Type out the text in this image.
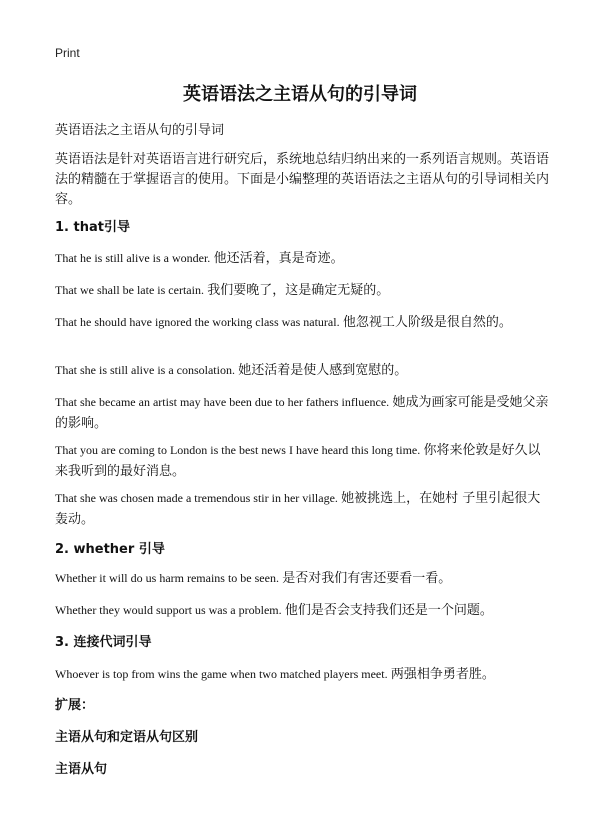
Print
英语语法之主语从句的引导词
英语语法之主语从句的引导词
英语语法是针对英语语言进行研究后，系统地总结归纳出来的一系列语言规则。英语语法的精髓在于掌握语言的使用。下面是小编整理的英语语法之主语从句的引导词相关内容。
1. that引导
That he is still alive is a wonder. 他还活着，真是奇迹。
That we shall be late is certain. 我们要晚了，这是确定无疑的。
That he should have ignored the working class was natural. 他忽视工人阶级是很自然的。
That she is still alive is a consolation. 她还活着是使人感到宽慰的。
That she became an artist may have been due to her fathers influence. 她成为画家可能是受她父亲的影响。
That you are coming to London is the best news I have heard this long time. 你将来伦敦是好久以来我听到的最好消息。
That she was chosen made a tremendous stir in her village. 她被挑选上，在她村 子里引起很大轰动。
2. whether 引导
Whether it will do us harm remains to be seen. 是否对我们有害还要看一看。
Whether they would support us was a problem. 他们是否会支持我们还是一个问题。
3. 连接代词引导
Whoever is top from wins the game when two matched players meet. 两强相争勇者胜。
扩展：
主语从句和定语从句区别
主语从句
